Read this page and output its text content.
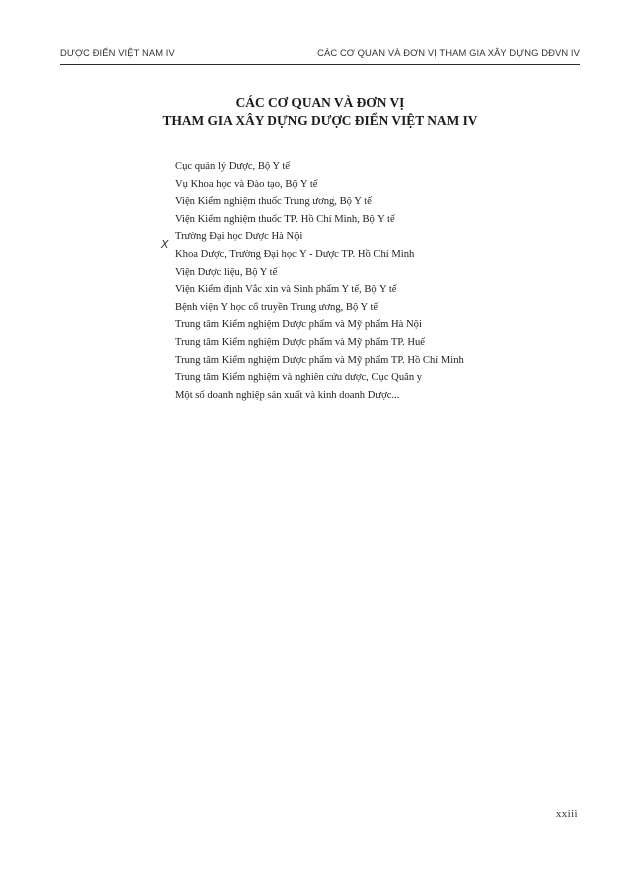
DƯỢC ĐIỂN VIỆT NAM IV	CÁC CƠ QUAN VÀ ĐƠN VỊ THAM GIA XÂY DỰNG DĐVN IV
CÁC CƠ QUAN VÀ ĐƠN VỊ
THAM GIA XÂY DỰNG DƯỢC ĐIỂN VIỆT NAM IV
X
Cục quản lý Dược, Bộ Y tế
Vụ Khoa học và Đào tạo, Bộ Y tế
Viện Kiểm nghiệm thuốc Trung ương, Bộ Y tế
Viện Kiểm nghiệm thuốc TP. Hồ Chí Minh, Bộ Y tế
Trường Đại học Dược Hà Nội
Khoa Dược, Trường Đại học Y - Dược TP. Hồ Chí Minh
Viện Dược liệu, Bộ Y tế
Viện Kiểm định Vắc xin và Sinh phẩm Y tế, Bộ Y tế
Bệnh viện Y học cổ truyền Trung ương, Bộ Y tế
Trung tâm Kiểm nghiệm Dược phẩm và Mỹ phẩm Hà Nội
Trung tâm Kiểm nghiệm Dược phẩm và Mỹ phẩm TP. Huế
Trung tâm Kiểm nghiệm Dược phẩm và Mỹ phẩm TP. Hồ Chí Minh
Trung tâm Kiểm nghiệm và nghiên cứu dược, Cục Quân y
Một số doanh nghiệp sản xuất và kinh doanh Dược...
xxiii
